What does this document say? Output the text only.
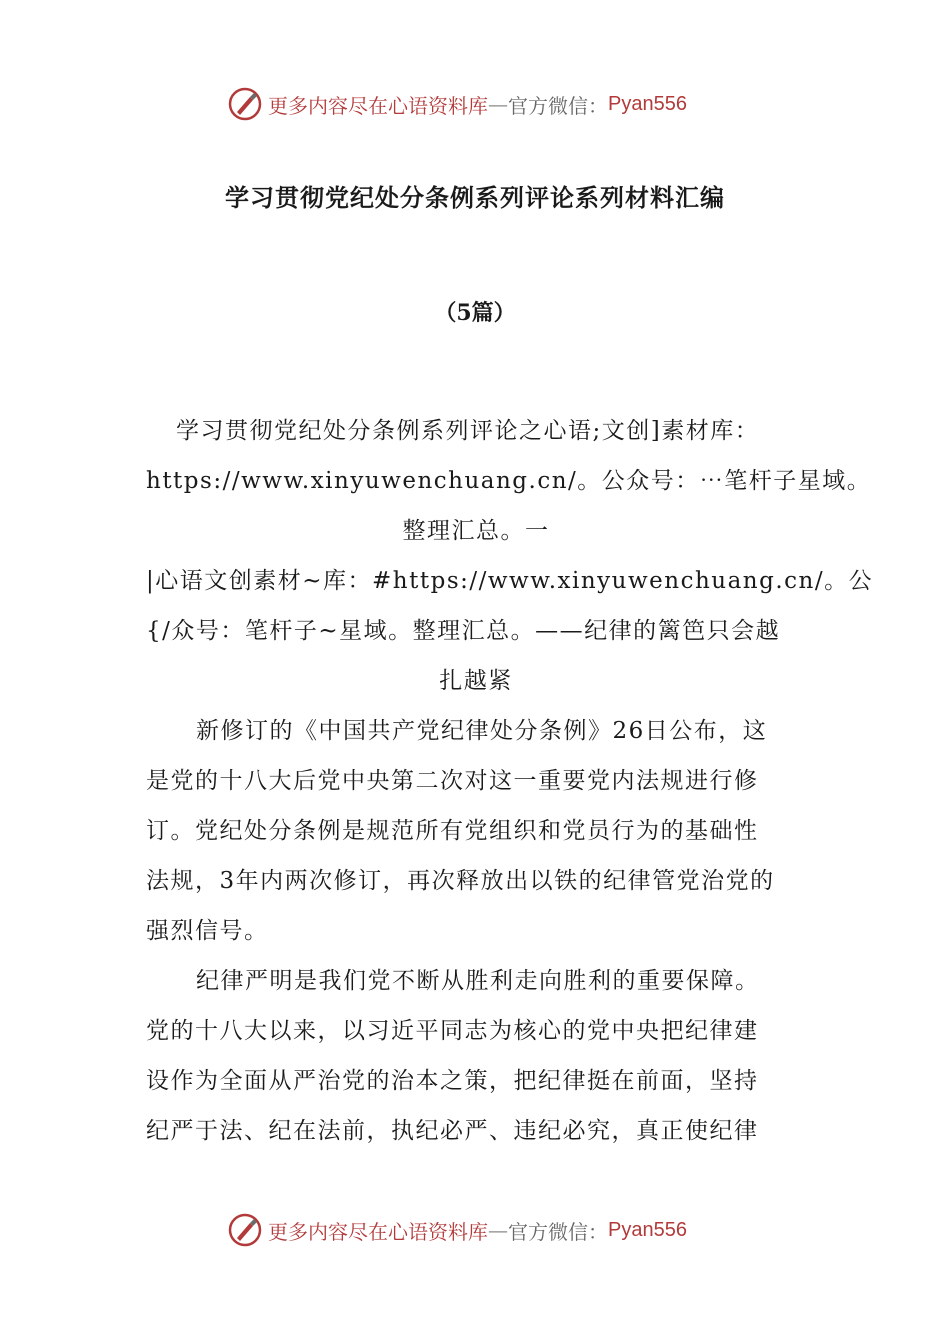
更多内容尽在心语资料库 — 官方微信： Pyan556
学习贯彻党纪处分条例系列评论系列材料汇编
（5篇）
学习贯彻党纪处分条例系列评论之心语;文创]素材库：
https://www.xinyuwenchuang.cn/。公众号：⋯笔杆子星域。
整理汇总。一
|心语文创素材~库：#https://www.xinyuwenchuang.cn/。公
{/众号：笔杆子~星域。整理汇总。——纪律的篱笆只会越
扎越紧
新修订的《中国共产党纪律处分条例》26日公布，这
是党的十八大后党中央第二次对这一重要党内法规进行修
订。党纪处分条例是规范所有党组织和党员行为的基础性
法规，3年内两次修订，再次释放出以铁的纪律管党治党的
强烈信号。
纪律严明是我们党不断从胜利走向胜利的重要保障。
党的十八大以来，以习近平同志为核心的党中央把纪律建
设作为全面从严治党的治本之策，把纪律挺在前面，坚持
纪严于法、纪在法前，执纪必严、违纪必究，真正使纪律
更多内容尽在心语资料库 — 官方微信： Pyan556
